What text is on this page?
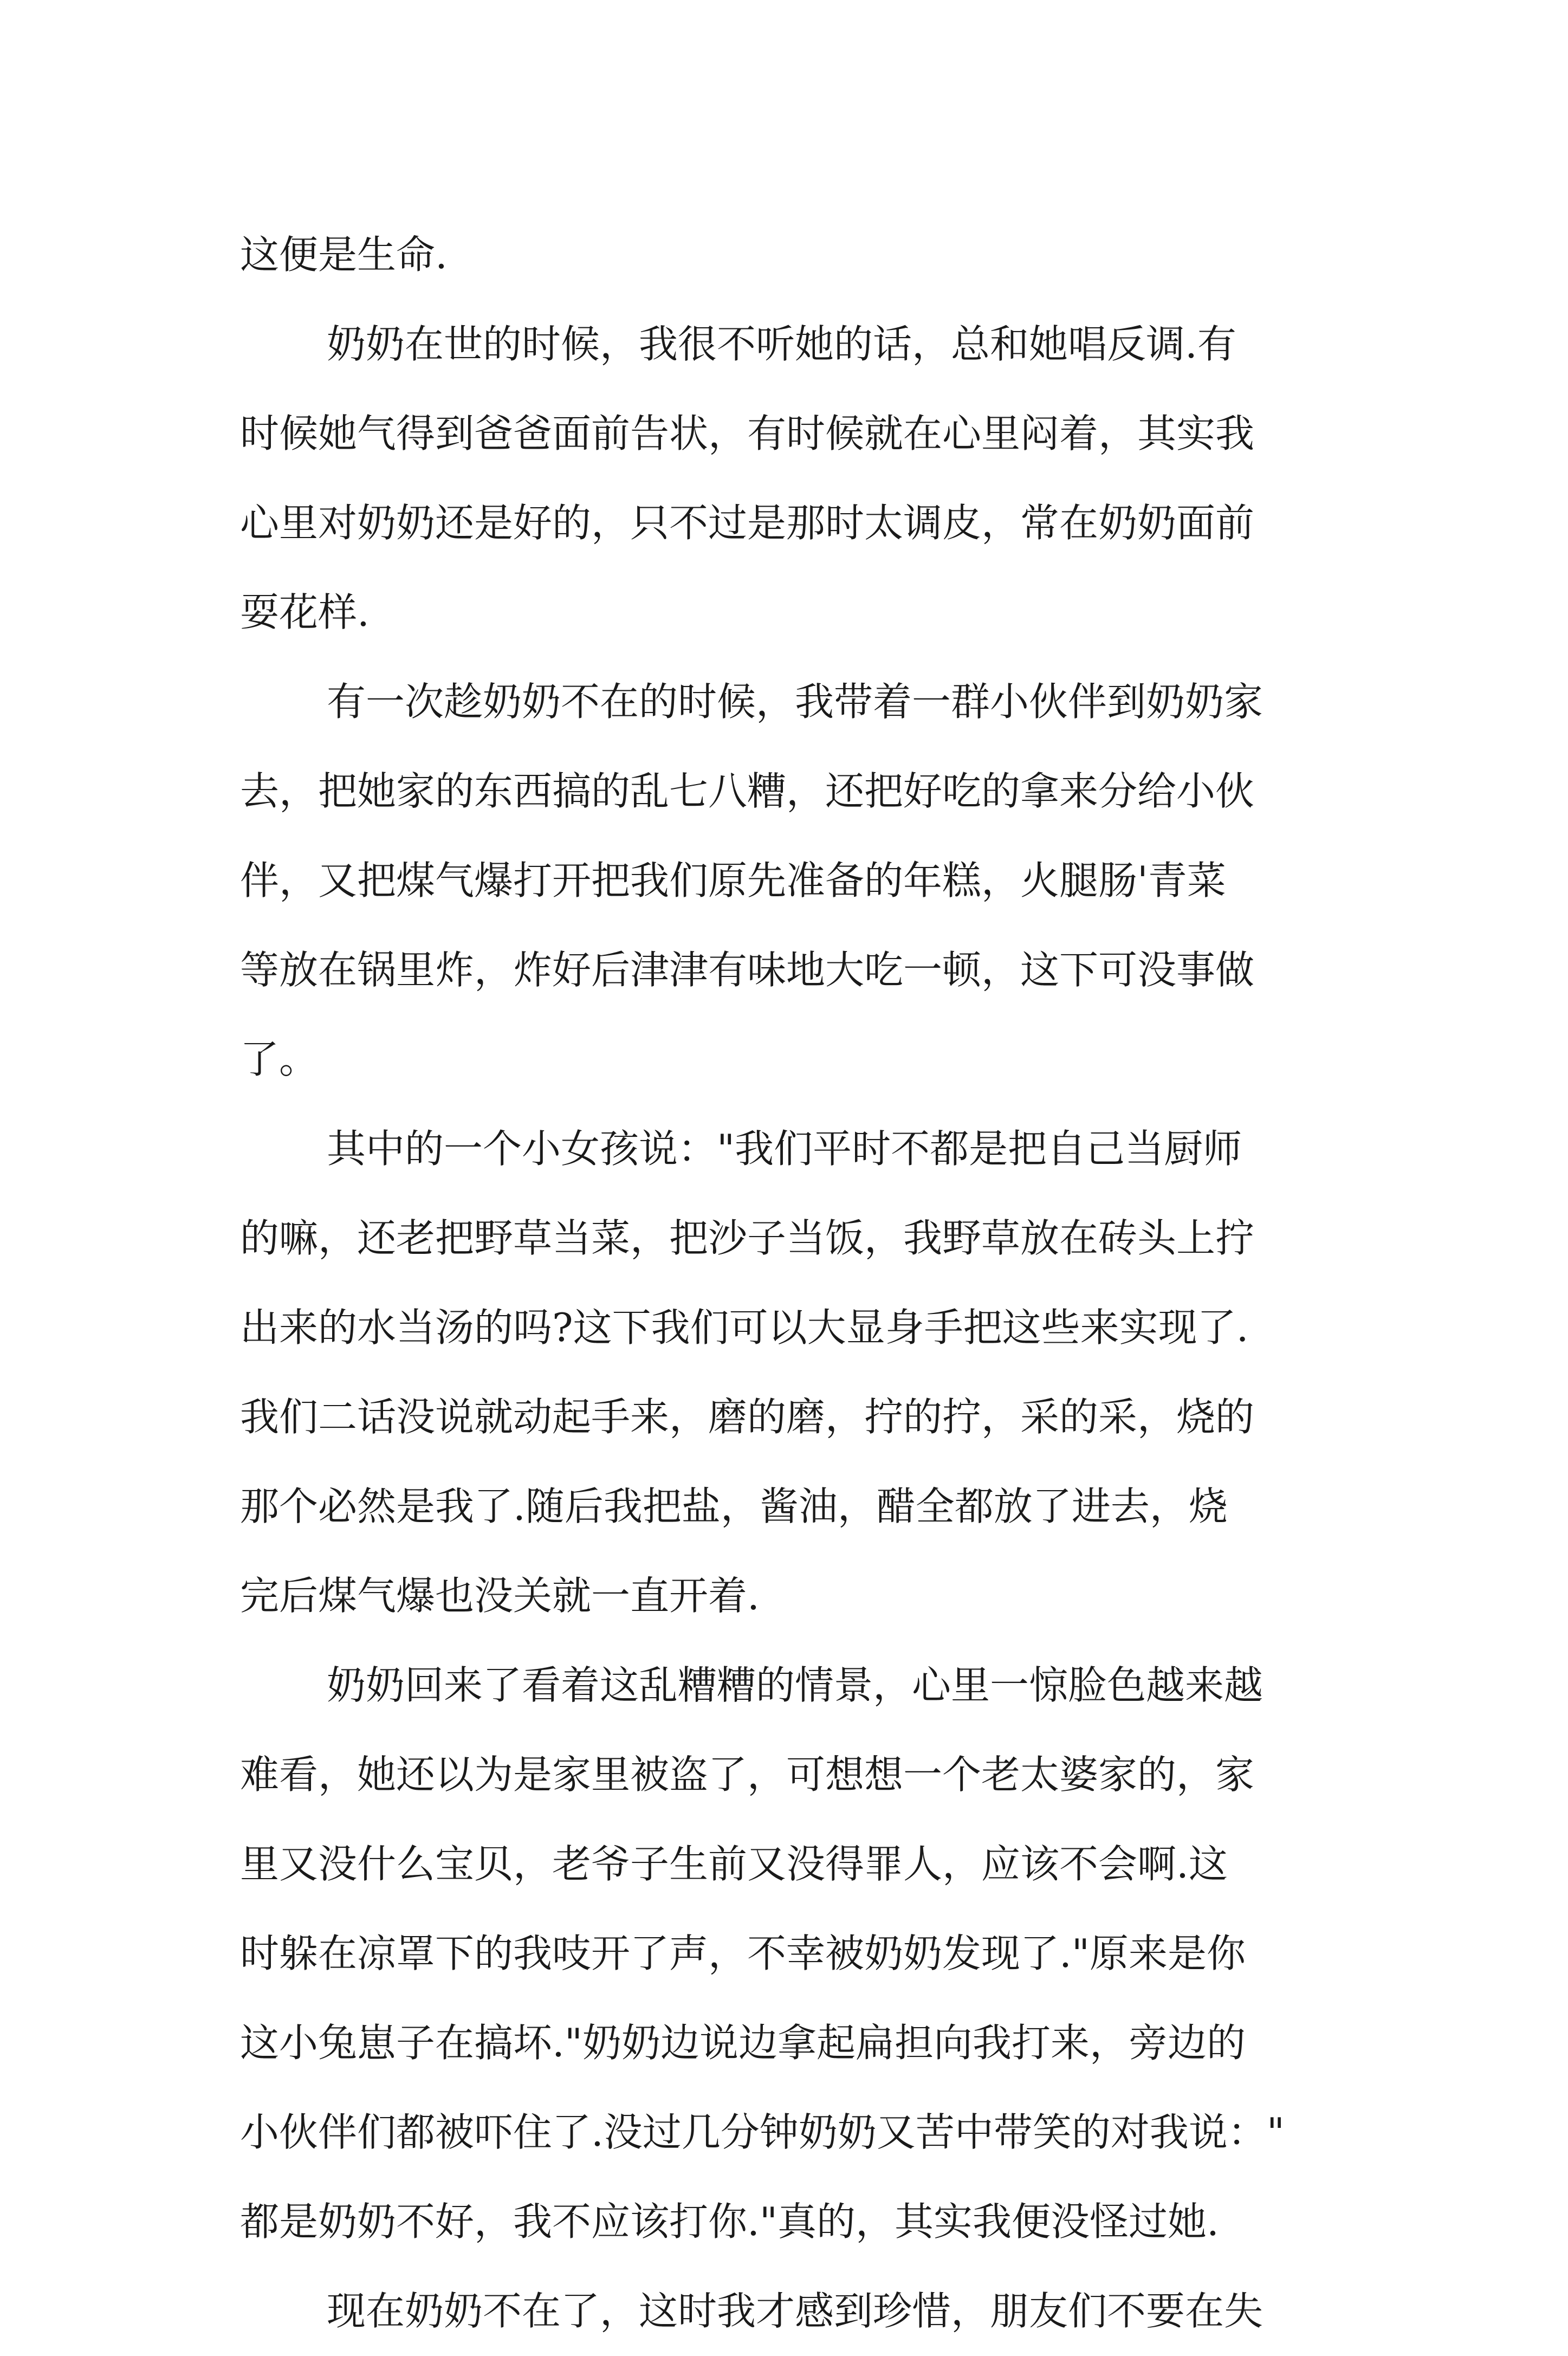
这便是生命.
奶奶在世的时候，我很不听她的话，总和她唱反调.有
时候她气得到爸爸面前告状，有时候就在心里闷着，其实我
心里对奶奶还是好的，只不过是那时太调皮，常在奶奶面前
耍花样.
有一次趁奶奶不在的时候，我带着一群小伙伴到奶奶家
去，把她家的东西搞的乱七八糟，还把好吃的拿来分给小伙
伴，又把煤气爆打开把我们原先准备的年糕，火腿肠'青菜
等放在锅里炸，炸好后津津有味地大吃一顿，这下可没事做
了。
其中的一个小女孩说："我们平时不都是把自己当厨师
的嘛，还老把野草当菜，把沙子当饭，我野草放在砖头上拧
出来的水当汤的吗?这下我们可以大显身手把这些来实现了.
我们二话没说就动起手来，磨的磨，拧的拧，采的采，烧的
那个必然是我了.随后我把盐，酱油，醋全都放了进去，烧
完后煤气爆也没关就一直开着.
奶奶回来了看着这乱糟糟的情景，心里一惊脸色越来越
难看，她还以为是家里被盗了，可想想一个老太婆家的，家
里又没什么宝贝，老爷子生前又没得罪人，应该不会啊.这
时躲在凉罩下的我吱开了声，不幸被奶奶发现了."原来是你
这小兔崽子在搞坏."奶奶边说边拿起扁担向我打来，旁边的
小伙伴们都被吓住了.没过几分钟奶奶又苦中带笑的对我说："
都是奶奶不好，我不应该打你."真的，其实我便没怪过她.
现在奶奶不在了，这时我才感到珍惜，朋友们不要在失
